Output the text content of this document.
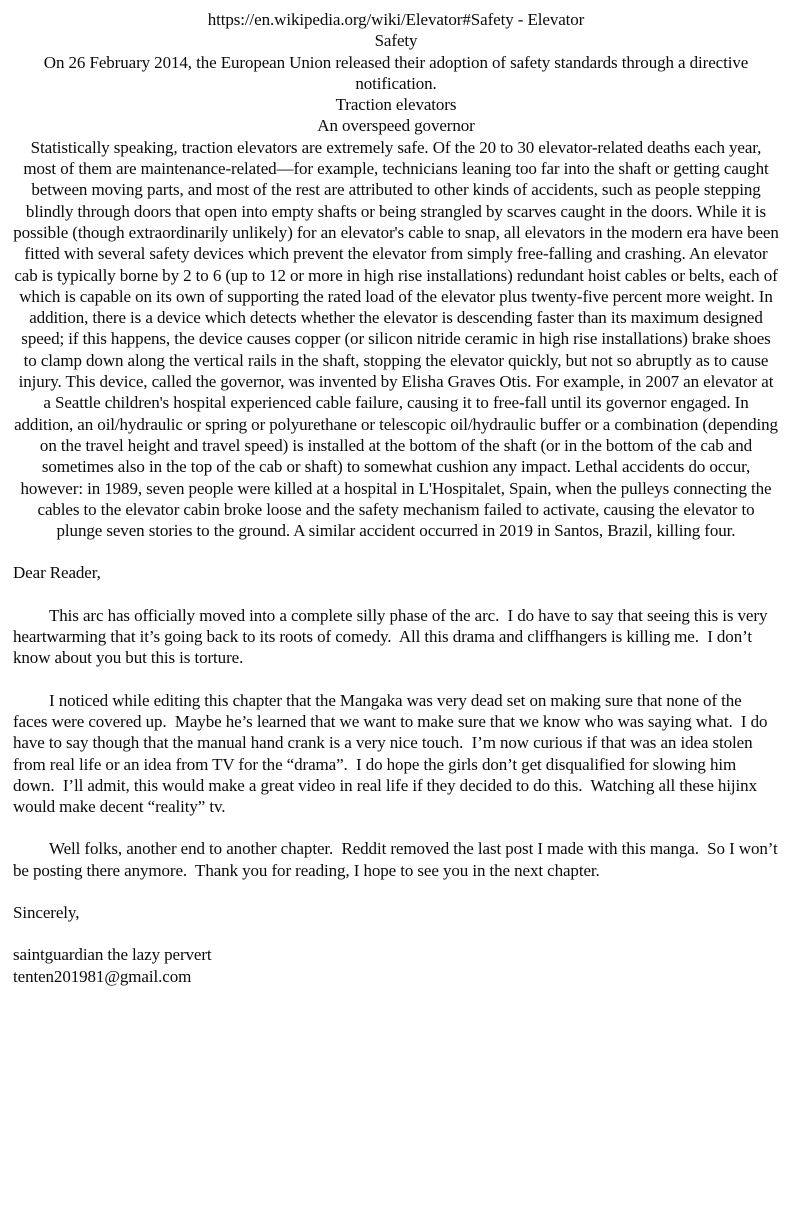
https://en.wikipedia.org/wiki/Elevator#Safety - Elevator
Safety
On 26 February 2014, the European Union released their adoption of safety standards through a directive notification.
Traction elevators
An overspeed governor
Statistically speaking, traction elevators are extremely safe. Of the 20 to 30 elevator-related deaths each year, most of them are maintenance-related—for example, technicians leaning too far into the shaft or getting caught between moving parts, and most of the rest are attributed to other kinds of accidents, such as people stepping blindly through doors that open into empty shafts or being strangled by scarves caught in the doors. While it is possible (though extraordinarily unlikely) for an elevator's cable to snap, all elevators in the modern era have been fitted with several safety devices which prevent the elevator from simply free-falling and crashing. An elevator cab is typically borne by 2 to 6 (up to 12 or more in high rise installations) redundant hoist cables or belts, each of which is capable on its own of supporting the rated load of the elevator plus twenty-five percent more weight. In addition, there is a device which detects whether the elevator is descending faster than its maximum designed speed; if this happens, the device causes copper (or silicon nitride ceramic in high rise installations) brake shoes to clamp down along the vertical rails in the shaft, stopping the elevator quickly, but not so abruptly as to cause injury. This device, called the governor, was invented by Elisha Graves Otis. For example, in 2007 an elevator at a Seattle children's hospital experienced cable failure, causing it to free-fall until its governor engaged. In addition, an oil/hydraulic or spring or polyurethane or telescopic oil/hydraulic buffer or a combination (depending on the travel height and travel speed) is installed at the bottom of the shaft (or in the bottom of the cab and sometimes also in the top of the cab or shaft) to somewhat cushion any impact. Lethal accidents do occur, however: in 1989, seven people were killed at a hospital in L'Hospitalet, Spain, when the pulleys connecting the cables to the elevator cabin broke loose and the safety mechanism failed to activate, causing the elevator to plunge seven stories to the ground. A similar accident occurred in 2019 in Santos, Brazil, killing four.
Dear Reader,

This arc has officially moved into a complete silly phase of the arc.  I do have to say that seeing this is very heartwarming that it’s going back to its roots of comedy.  All this drama and cliffhangers is killing me.  I don’t know about you but this is torture.

I noticed while editing this chapter that the Mangaka was very dead set on making sure that none of the faces were covered up.  Maybe he’s learned that we want to make sure that we know who was saying what.  I do have to say though that the manual hand crank is a very nice touch.  I’m now curious if that was an idea stolen from real life or an idea from TV for the “drama”.  I do hope the girls don’t get disqualified for slowing him down.  I’ll admit, this would make a great video in real life if they decided to do this.  Watching all these hijinx would make decent “reality” tv.

Well folks, another end to another chapter.  Reddit removed the last post I made with this manga.  So I won’t be posting there anymore.  Thank you for reading, I hope to see you in the next chapter.

Sincerely,
saintguardian the lazy pervert
tenten201981@gmail.com
